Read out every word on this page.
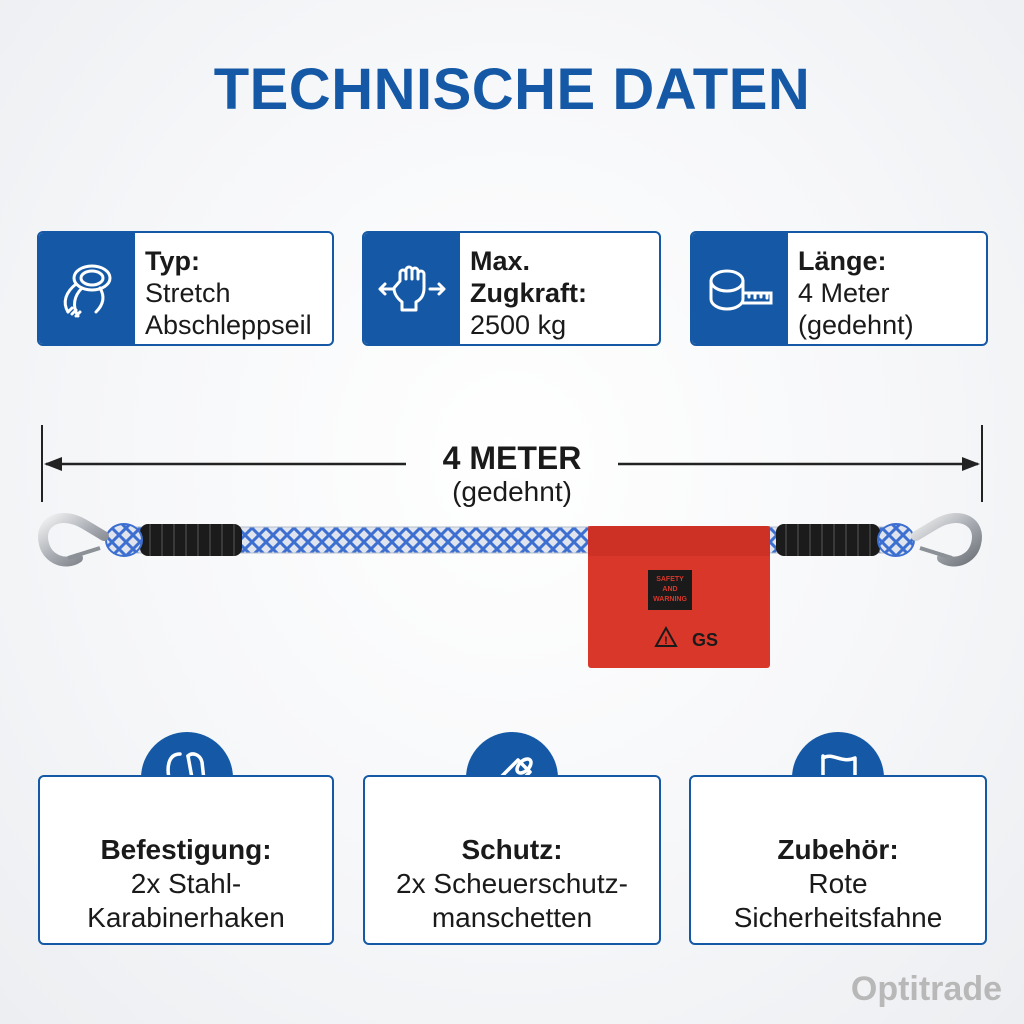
TECHNISCHE DATEN
Typ:
Stretch
Abschleppseil
Max. Zugkraft:
2500 kg
Länge:
4 Meter
(gedehnt)
4 METER
(gedehnt)
SAFETY
AND
WARNING
! GS
Befestigung:
2x Stahl-
Karabinerhaken
Schutz:
2x Scheuerschutz-
manschetten
Zubehör:
Rote
Sicherheitsfahne
Optitrade
